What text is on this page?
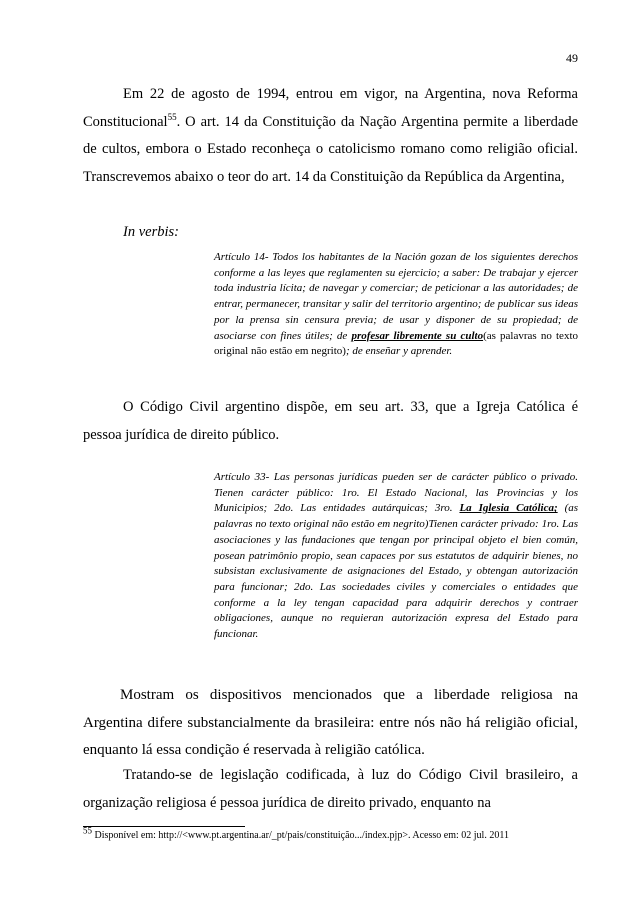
49

Em 22 de agosto de 1994, entrou em vigor, na Argentina, nova Reforma Constitucional$^{55}$. O art. 14 da Constituição da Nação Argentina permite a liberdade de cultos, embora o Estado reconheça o catolicismo romano como religião oficial. Transcrevemos abaixo o teor do art. 14 da Constituição da República da Argentina,

In verbis:

Artículo 14- Todos los habitantes de la Nación gozan de los siguientes derechos conforme a las leyes que reglamenten su ejercicio; a saber: De trabajar y ejercer toda industria lícita; de navegar y comerciar; de peticionar a las autoridades; de entrar, permanecer, transitar y salir del territorio argentino; de publicar sus ideas por la prensa sin censura previa; de usar y disponer de su propiedad; de asociarse con fines útiles; de profesar libremente su culto(as palavras no texto original não estão em negrito); de enseñar y aprender.

O Código Civil argentino dispõe, em seu art. 33, que a Igreja Católica é pessoa jurídica de direito público.

Artículo 33- Las personas jurídicas pueden ser de carácter público o privado. Tienen carácter público: 1ro. El Estado Nacional, las Provincias y los Municipios; 2do. Las entidades autárquicas; 3ro. La Iglesia Católica; (as palavras no texto original não estão em negrito)Tienen carácter privado: 1ro. Las asociaciones y las fundaciones que tengan por principal objeto el bien común, posean patrimônio propio, sean capaces por sus estatutos de adquirir bienes, no subsistan exclusivamente de asignaciones del Estado, y obtengan autorización para funcionar; 2do. Las sociedades civiles y comerciales o entidades que conforme a la ley tengan capacidad para adquirir derechos y contraer obligaciones, aunque no requieran autorización expresa del Estado para funcionar.

Mostram os dispositivos mencionados que a liberdade religiosa na Argentina difere substancialmente da brasileira: entre nós não há religião oficial, enquanto lá essa condição é reservada à religião católica.

Tratando-se de legislação codificada, à luz do Código Civil brasileiro, a organização religiosa é pessoa jurídica de direito privado, enquanto na

$^{55}$ Disponível em: http://<www.pt.argentina.ar/_pt/pais/constituição.../index.pjp>. Acesso em: 02 jul. 2011
